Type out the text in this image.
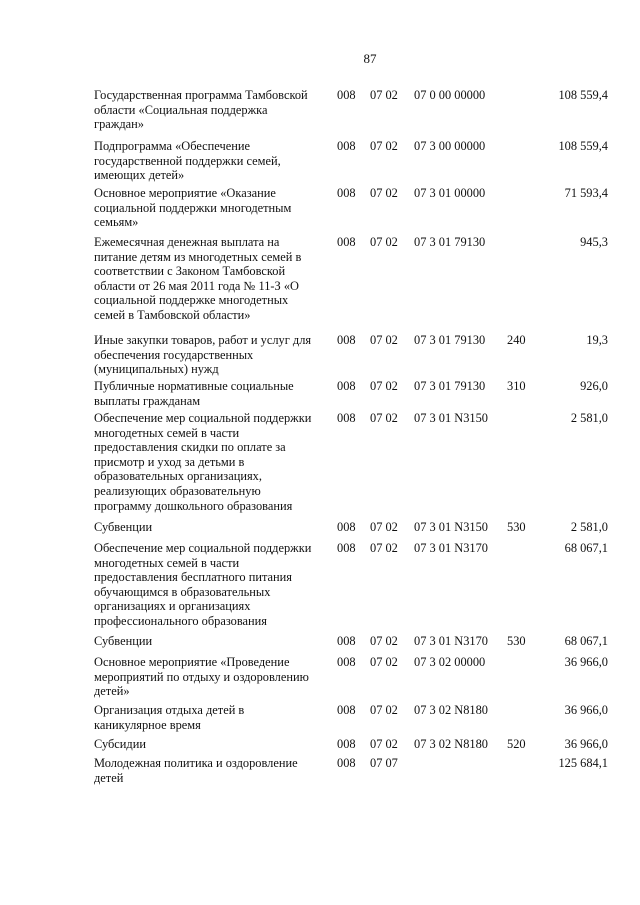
87
Государственная программа Тамбовской области «Социальная поддержка граждан»
008 07 02 07 0 00 00000	108 559,4
Подпрограмма «Обеспечение государственной поддержки семей, имеющих детей»
008 07 02 07 3 00 00000	108 559,4
Основное мероприятие «Оказание социальной поддержки многодетным семьям»
008 07 02 07 3 01 00000	71 593,4
Ежемесячная денежная выплата на питание детям из многодетных семей в соответствии с Законом Тамбовской области от 26 мая 2011 года № 11-З «О социальной поддержке многодетных семей в Тамбовской области»
008 07 02 07 3 01 79130	945,3
Иные закупки товаров, работ и услуг для обеспечения государственных (муниципальных) нужд
008 07 02 07 3 01 79130 240	19,3
Публичные нормативные социальные выплаты гражданам
008 07 02 07 3 01 79130 310	926,0
Обеспечение мер социальной поддержки многодетных семей в части предоставления скидки по оплате за присмотр и уход за детьми в образовательных организациях, реализующих образовательную программу дошкольного образования
008 07 02 07 3 01 N3150	2 581,0
Субвенции	008 07 02 07 3 01 N3150 530	2 581,0
Обеспечение мер социальной поддержки многодетных семей в части предоставления бесплатного питания обучающимся в образовательных организациях и организациях профессионального образования
008 07 02 07 3 01 N3170	68 067,1
Субвенции	008 07 02 07 3 01 N3170 530	68 067,1
Основное мероприятие «Проведение мероприятий по отдыху и оздоровлению детей»
008 07 02 07 3 02 00000	36 966,0
Организация отдыха детей в каникулярное время
008 07 02 07 3 02 N8180	36 966,0
Субсидии	008 07 02 07 3 02 N8180 520	36 966,0
Молодежная политика и оздоровление детей
008 07 07	125 684,1
